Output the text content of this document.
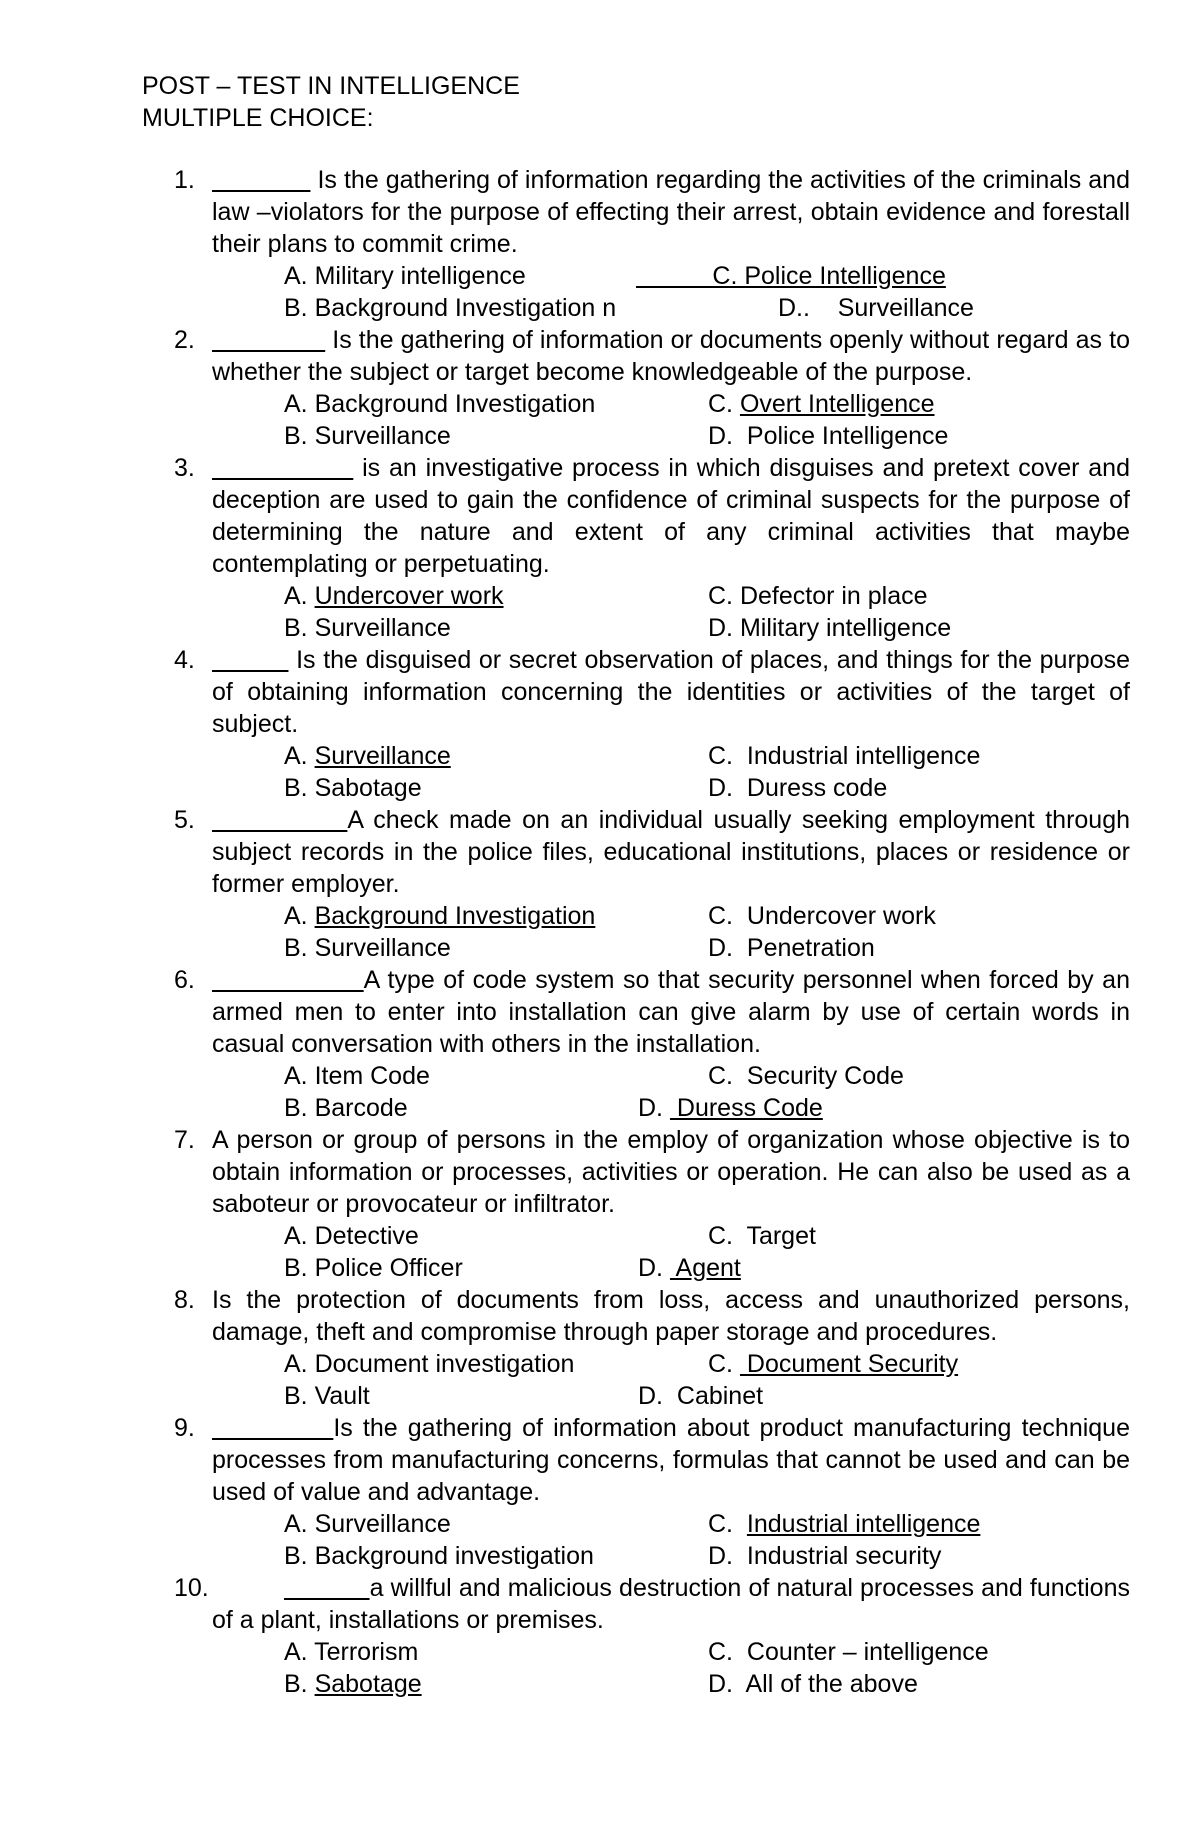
POST – TEST IN INTELLIGENCE
MULTIPLE CHOICE:
1.	Is the gathering of information regarding the activities of the criminals and law –violators for the purpose of effecting their arrest, obtain evidence and forestall their plans to commit crime.
A. Military intelligence
B. Background Investigation n
C. Police Intelligence
D..    Surveillance
2.	Is the gathering of information or documents openly without regard as to whether the subject or target become knowledgeable of the purpose.
A. Background Investigation
B. Surveillance
C. Overt Intelligence
D.  Police Intelligence
3.	is an investigative process in which disguises and pretext cover and deception are used to gain the confidence of criminal suspects for the purpose of determining the nature and extent of any criminal activities that maybe contemplating or perpetuating.
A. Undercover work
B. Surveillance
C. Defector in place
D. Military intelligence
4.	Is the disguised or secret observation of places, and things for the purpose of obtaining information concerning the identities or activities of the target of subject.
A. Surveillance
B. Sabotage
C.  Industrial intelligence
D.  Duress code
5.	A check made on an individual usually seeking employment through subject records in the police files, educational institutions, places or residence or former employer.
A. Background Investigation
B. Surveillance
C.  Undercover work
D.  Penetration
6.	A type of code system so that security personnel when forced by an armed men to enter into installation can give alarm by use of certain words in casual conversation with others in the installation.
A. Item Code
B. Barcode
C.  Security Code
D.  Duress Code
7. A person or group of persons in the employ of organization whose objective is to obtain information or processes, activities or operation. He can also be used as a saboteur or provocateur or infiltrator.
A. Detective
B. Police Officer
C.  Target
D.  Agent
8. Is the protection of documents from loss, access and unauthorized persons, damage, theft and compromise through paper storage and procedures.
A. Document investigation
B. Vault
C.  Document Security
D.  Cabinet
9.	Is the gathering of information about product manufacturing technique processes from manufacturing concerns, formulas that cannot be used and can be used of value and advantage.
A. Surveillance
B. Background investigation
C.  Industrial intelligence
D.  Industrial security
10.	a willful and malicious destruction of natural processes and functions of a plant, installations or premises.
A. Terrorism
B. Sabotage
C.  Counter – intelligence
D.  All of the above
